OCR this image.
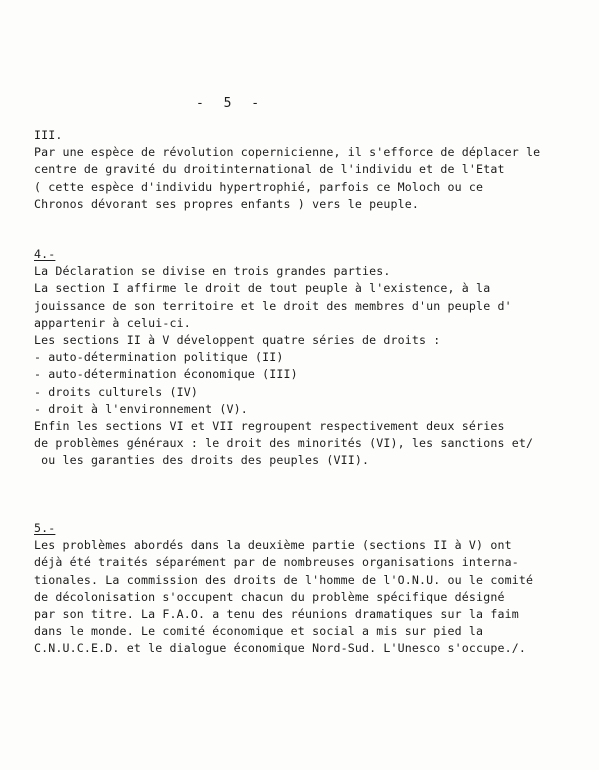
- 5 -
III.
Par une espèce de révolution copernicienne, il s'efforce de déplacer le
centre de gravité du droitinternational de l'individu et de l'Etat
( cette espèce d'individu hypertrophié, parfois ce Moloch ou ce
Chronos dévorant ses propres enfants ) vers le peuple.
4.-
La Déclaration se divise en trois grandes parties.
La section I affirme le droit de tout peuple à l'existence, à la
jouissance de son territoire et le droit des membres d'un peuple d'
appartenir à celui-ci.
Les sections II à V développent quatre séries de droits :
- auto-détermination politique (II)
- auto-détermination économique (III)
- droits culturels (IV)
- droit à l'environnement (V).
Enfin les sections VI et VII regroupent respectivement deux séries
de problèmes généraux : le droit des minorités (VI), les sanctions et/
ou les garanties des droits des peuples (VII).
5.-
Les problèmes abordés dans la deuxième partie (sections II à V) ont
déjà été traités séparément par de nombreuses organisations interna-
tionales. La commission des droits de l'homme de l'O.N.U. ou le comité
de décolonisation s'occupent chacun du problème spécifique désigné
par son titre. La F.A.O. a tenu des réunions dramatiques sur la faim
dans le monde. Le comité économique et social a mis sur pied la
C.N.U.C.E.D. et le dialogue économique Nord-Sud. L'Unesco s'occupe./.
